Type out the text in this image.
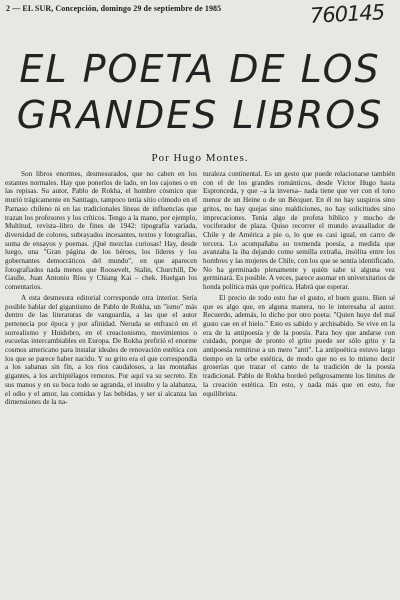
2 — EL SUR, Concepción, domingo 29 de septiembre de 1985	760145
EL POETA DE LOS
GRANDES LIBROS
Por Hugo Montes.

Son libros enormes, desmesurados, que no caben en los estantes normales. Hay que ponerlos de lado, en los cajones o en las repisas. Su autor, Pablo de Rokha, el hombre cósmico que murió trágicamente en Santiago, tampoco tenía sitio cómodo en el Parnaso chileno ni en las tradicionales líneas de influencias que trazan los profesores y los críticos. Tengo a la mano, por ejemplo, Multitud, revista–libro de fines de 1942: tipografía variada, diversidad de colores, subrayados incesantes, textos y fotografías, suma de ensayos y poemas. ¡Qué mezclas curiosas! Hay, desde luego, una "Gran página de los héroes, los líderes y los gobernantes democráticos del mundo", en que aparecen fotografiados nada menos que Roosevelt, Stalin, Churchill, De Gaulle, Juan Antonio Ríos y Chiang Kai – chek. Huelgan los comentarios.

A esta desmesura editorial corresponde otra interior. Sería posible hablar del gigantismo de Pablo de Rokha, un "ismo" más dentro de las literaturas de vanguardia, a las que el autor pertenecía por época y por afinidad. Neruda se enfrascó en el surrealismo y Huidobro, en el creacionismo, movimientos o escuelas intercambiables en Europa. De Rokha prefirió el enorme cosmos americano para instalar ideales de renovación estética con los que se parece haber nacido. Y su grito era el que correspondía a los sabanas sin fin, a los ríos caudalosos, a las montañas gigantes, a los archipiélagos remotos. Por aquí va su secreto. En sus manos y en su boca todo se agranda, el insulto y la alabanza, el odio y el amor, las comidas y las bebidas, y ser si alcanza las dimensiones de la na-

turaleza continental. Es un gesto que puede relacionarse también con el de los grandes románticos, desde Víctor Hugo hasta Espronceda, y que –a la inversa– nada tiene que ver con el tono menor de un Heine o de un Bécquer. En él no hay suspiros sino gritos, no hay quejas sino maldiciones, no hay solicitudes sino imprecaciones. Tenía algo de profeta bíblico y mucho de vociferador de plaza. Quiso recorrer el mundo avasallador de Chile y de América a pie o, lo que es casi igual, en carro de tercera. Lo acompañaba su tremenda poesía, a medida que avanzaba la iba dejando como semilla extraña, insólita entre los hombres y las mujeres de Chile, con los que se sentía identificado. No ha germinado plenamente y quién sabe si alguna vez germinará. Es posible. A veces, parece asomar en universitarios de honda política más que poética. Habrá que esperar.

El precio de todo esto fue el gusto, el buen gusto. Bien sé que es algo que, en alguna manera, no le interesaba al autor. Recuerdo, además, lo dicho por otro poeta: "Quien huye del mal gusto cae en el hielo." Esto es sabido y archisabido. Se vive en la era de la antipoesía y de la poesía. Para hoy que andarse con cuidado, porque de pronto el grito puede ser sólo grito y la antipoesía remitirse a un mero "anti". La antipoética estuvo largo tiempo en la orbe estética, de modo que no es lo mismo decir groserías que trazar el canto de la tradición de la poesía tradicional. Pablo de Rokha bordeó peligrosamente los límites de la creación estética. En esto, y nada más que en esto, fue equilibrista.
